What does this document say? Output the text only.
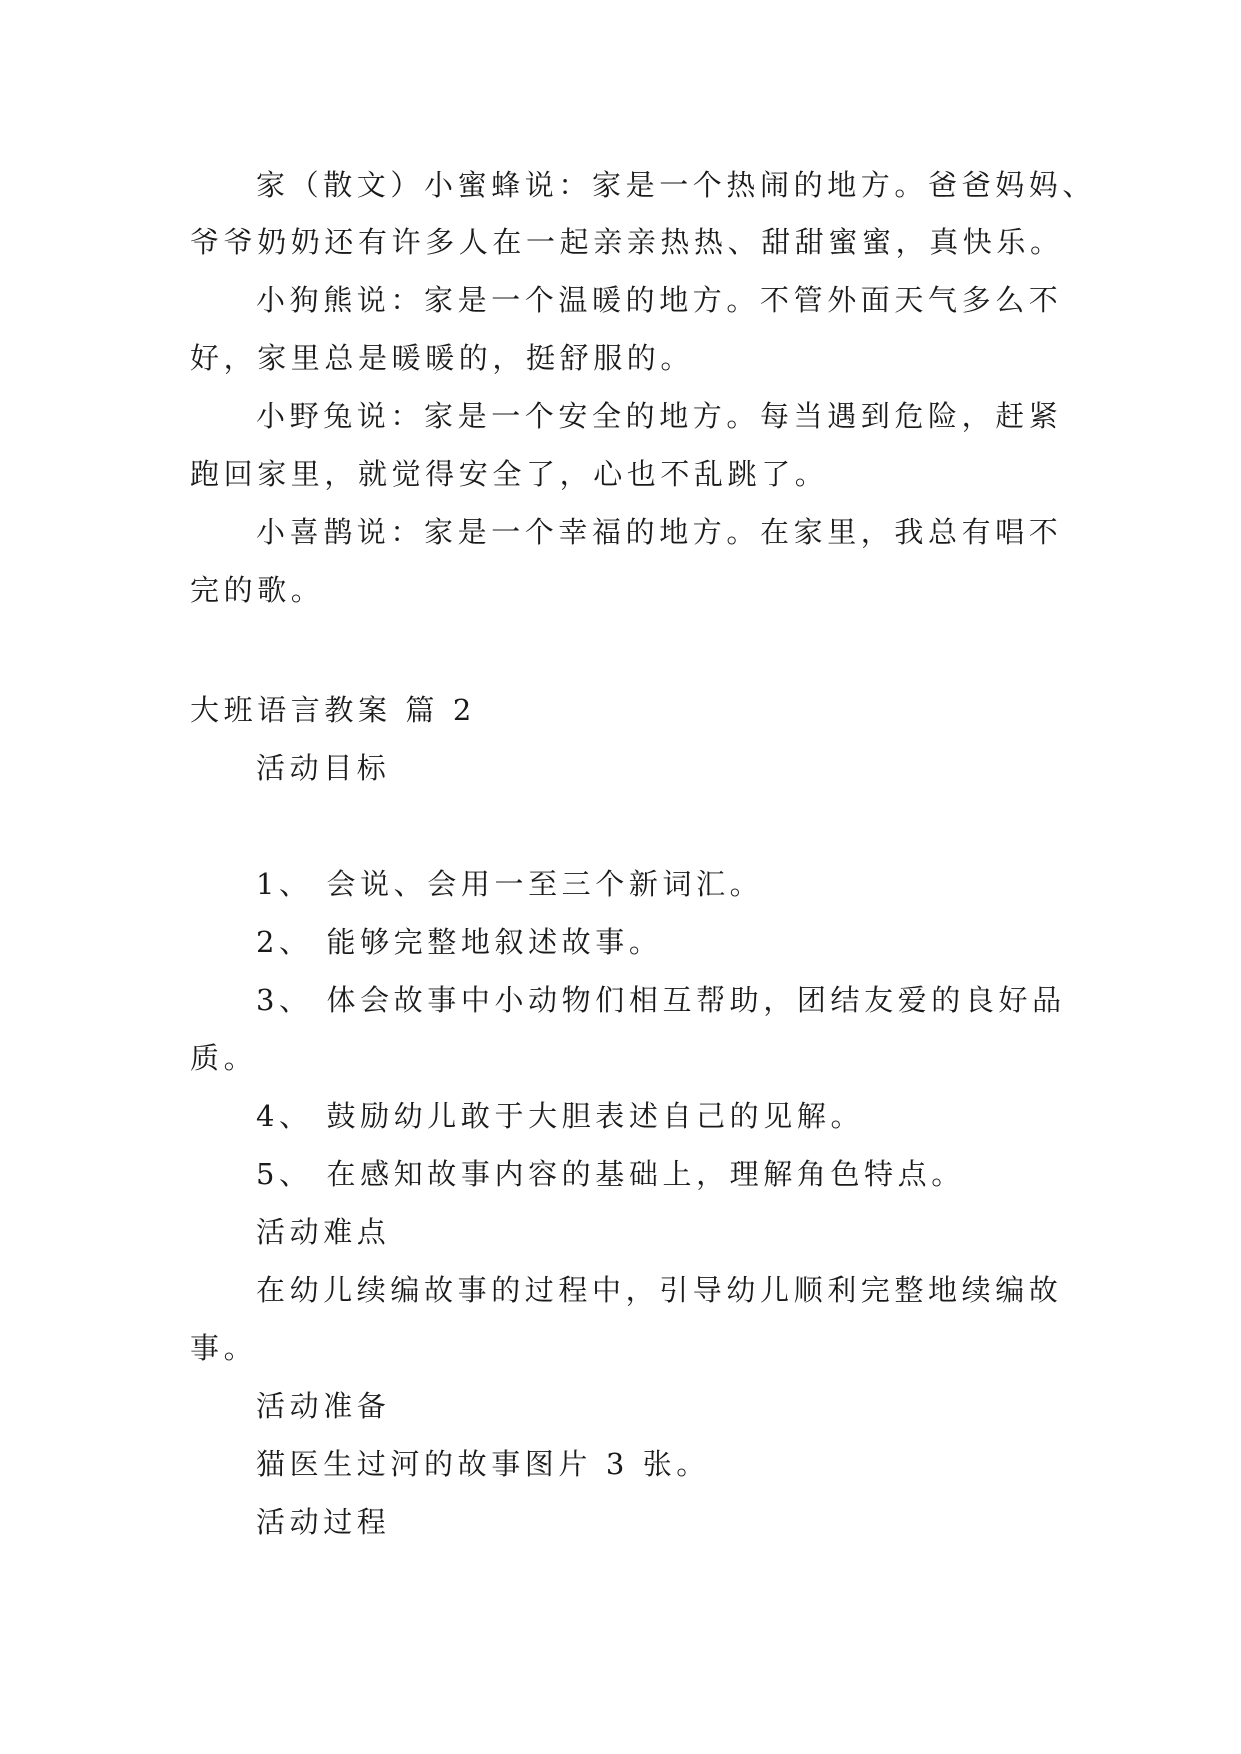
家（散文）小蜜蜂说：家是一个热闹的地方。爸爸妈妈、
爷爷奶奶还有许多人在一起亲亲热热、甜甜蜜蜜，真快乐。
小狗熊说：家是一个温暖的地方。不管外面天气多么不
好，家里总是暖暖的，挺舒服的。
小野兔说：家是一个安全的地方。每当遇到危险，赶紧
跑回家里，就觉得安全了，心也不乱跳了。
小喜鹊说：家是一个幸福的地方。在家里，我总有唱不
完的歌。
大班语言教案 篇 2
活动目标
1、 会说、会用一至三个新词汇。
2、 能够完整地叙述故事。
3、 体会故事中小动物们相互帮助，团结友爱的良好品
质。
4、 鼓励幼儿敢于大胆表述自己的见解。
5、 在感知故事内容的基础上，理解角色特点。
活动难点
在幼儿续编故事的过程中，引导幼儿顺利完整地续编故
事。
活动准备
猫医生过河的故事图片 3 张。
活动过程
